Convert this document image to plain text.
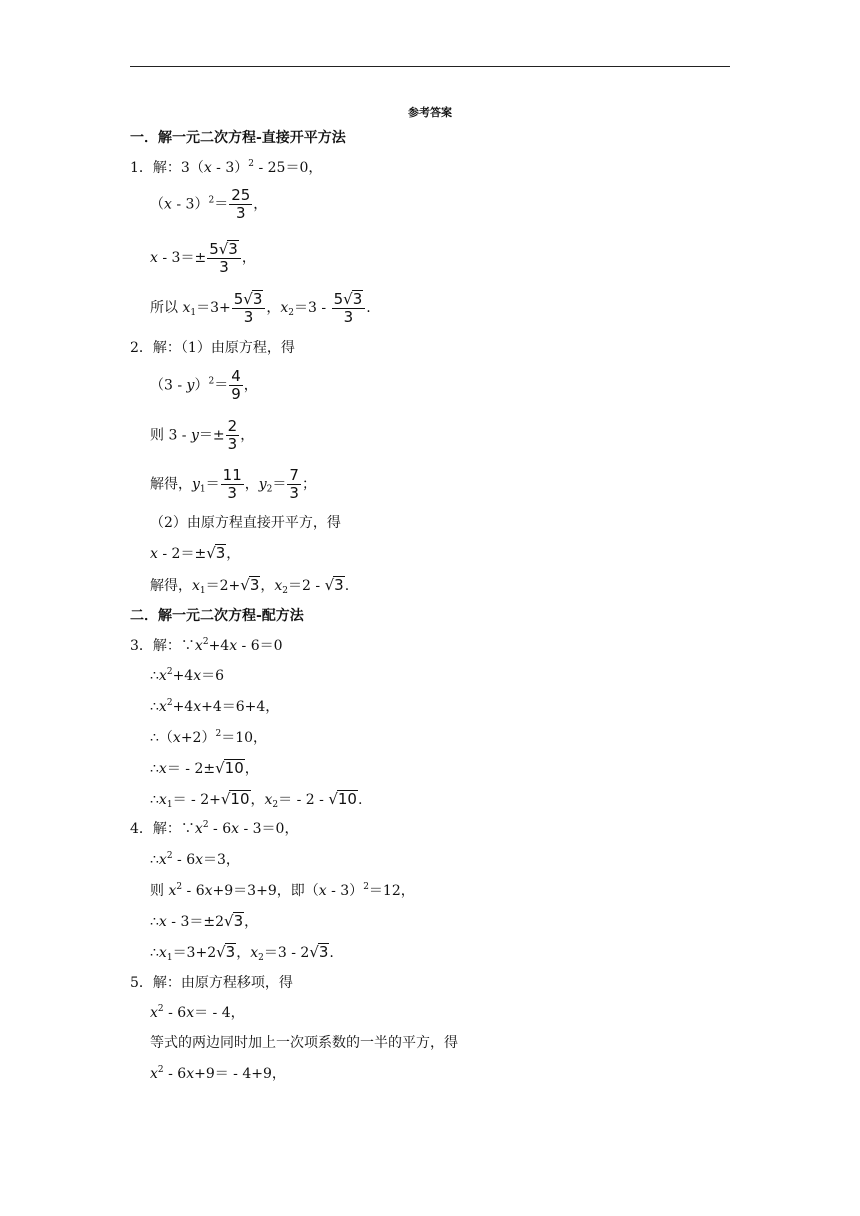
参考答案
一．解一元二次方程-直接开平方法
1．解：3（x - 3）$^2$ - 25＝0，
$(x - 3)^2= \frac{25}{3}$ ，
$x - 3=\pm \frac{5√3}{3}$ ，
所以 $x_1=3+ \frac{5√3}{3}$ ，$x_2=3 - \frac{5√3}{3}$ .
2．解：（1）由原方程，得
$(3 - y)^2= \frac{4}{9}$ ，
则 $3 - y=\pm \frac{2}{3}$ ，
解得，$y_1= \frac{11}{3}$ ，$y_2= \frac{7}{3}$ ；
（2）由原方程直接开平方，得
x - 2＝±√3，
解得，$x_1=2+√3$，$x_2=2 - √3$.
二．解一元二次方程-配方法
3．解：$\because x^2+4x - 6=0$
$\therefore x^2+4x=6$
$\therefore x^2+4x+4=6+4$，
$\therefore(x+2)^2=10$，
∴x＝ - 2±√10，
$\therefore x_1= - 2+√10$，$x_2= - 2 - √10$.
4．解：$\because x^2 - 6x - 3=0$，
$\therefore x^2 - 6x=3$，
则 $x^2 - 6x+9=3+9$，即（x - 3）$^2$＝12，
∴x - 3＝±2√3，
$\therefore x_1=3+2√3$，$x_2=3 - 2√3$.
5．解：由原方程移项，得
$x^2 - 6x= - 4$，
等式的两边同时加上一次项系数的一半的平方，得
$x^2 - 6x+9= - 4+9$，
